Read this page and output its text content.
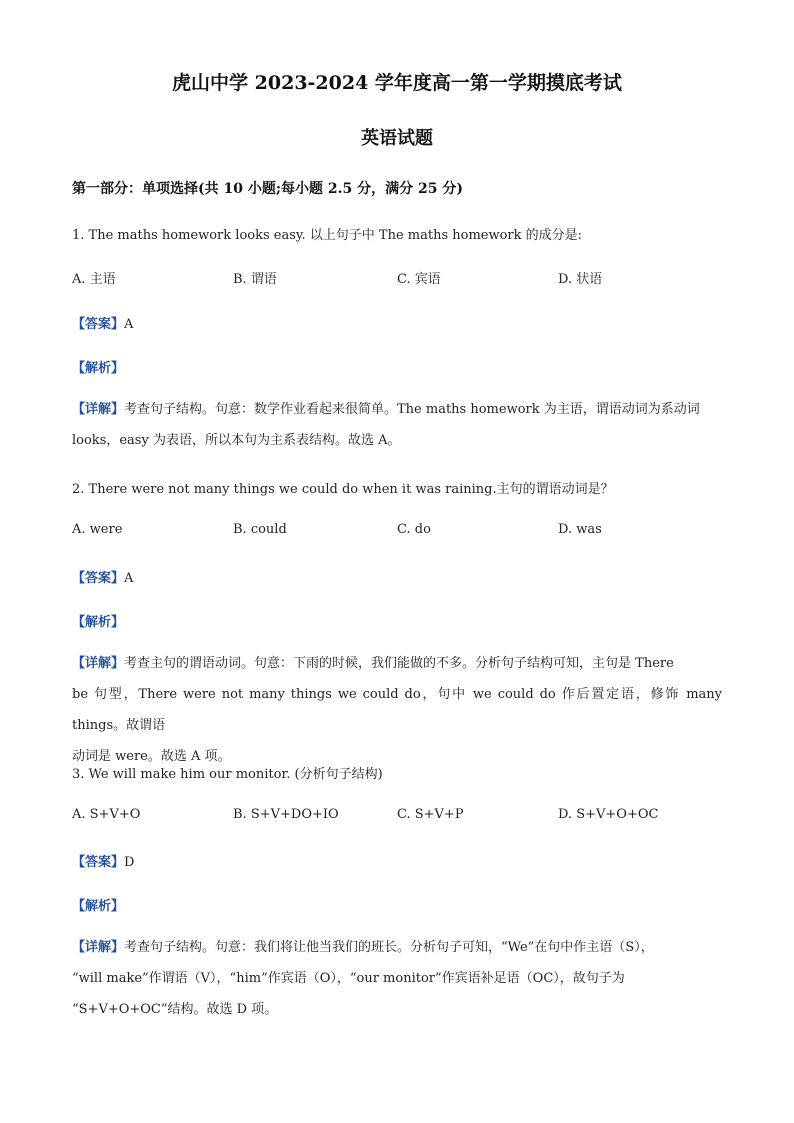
虎山中学 2023-2024 学年度高一第一学期摸底考试
英语试题
第一部分：单项选择(共 10 小题;每小题 2.5 分，满分 25 分)
1. The maths homework looks easy. 以上句子中 The maths homework 的成分是:
A. 主语	B. 谓语	C. 宾语	D. 状语
【答案】A
【解析】
【详解】考查句子结构。句意：数学作业看起来很简单。The maths homework 为主语，谓语动词为系动词
looks，easy 为表语，所以本句为主系表结构。故选 A。
2. There were not many things we could do when it was raining.主句的谓语动词是？
A. were	B. could	C. do	D. was
【答案】A
【解析】
【详解】考查主句的谓语动词。句意：下雨的时候，我们能做的不多。分析句子结构可知，主句是 There
be 句型，There were not many things we could do，句中 we could do 作后置定语，修饰 many things。故谓语
动词是 were。故选 A 项。
3. We will make him our monitor. (分析句子结构)
A. S+V+O	B. S+V+DO+IO	C. S+V+P	D. S+V+O+OC
【答案】D
【解析】
【详解】考查句子结构。句意：我们将让他当我们的班长。分析句子可知，“We”在句中作主语（S），
“will make”作谓语（V），“him”作宾语（O），“our monitor”作宾语补足语（OC），故句子为
“S+V+O+OC”结构。故选 D 项。
